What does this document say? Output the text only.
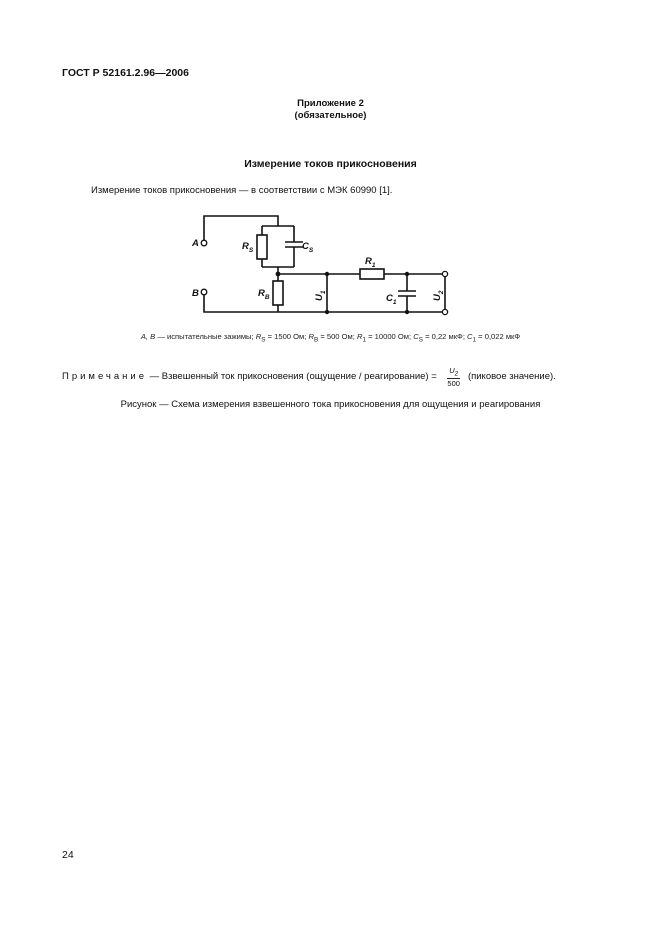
ГОСТ Р 52161.2.96—2006
Приложение 2
(обязательное)
Измерение токов прикосновения
Измерение токов прикосновения — в соответствии с МЭК 60990 [1].
A
B
$R_S$	$C_S$
$R_B$
$R_1$
$C_1$
$U_1$
$U_2$
A, B — испытательные зажимы; $R_S = 1500$ Ом; $R_B = 500$ Ом; $R_1 = 10000$ Ом; $C_S = 0,22$ мкФ; $C_1 = 0,022$ мкФ
Примечание — Взвешенный ток прикосновения (ощущение / реагирование) = $\frac{U_2}{500}$ (пиковое значение).
Рисунок — Схема измерения взвешенного тока прикосновения для ощущения и реагирования
24
